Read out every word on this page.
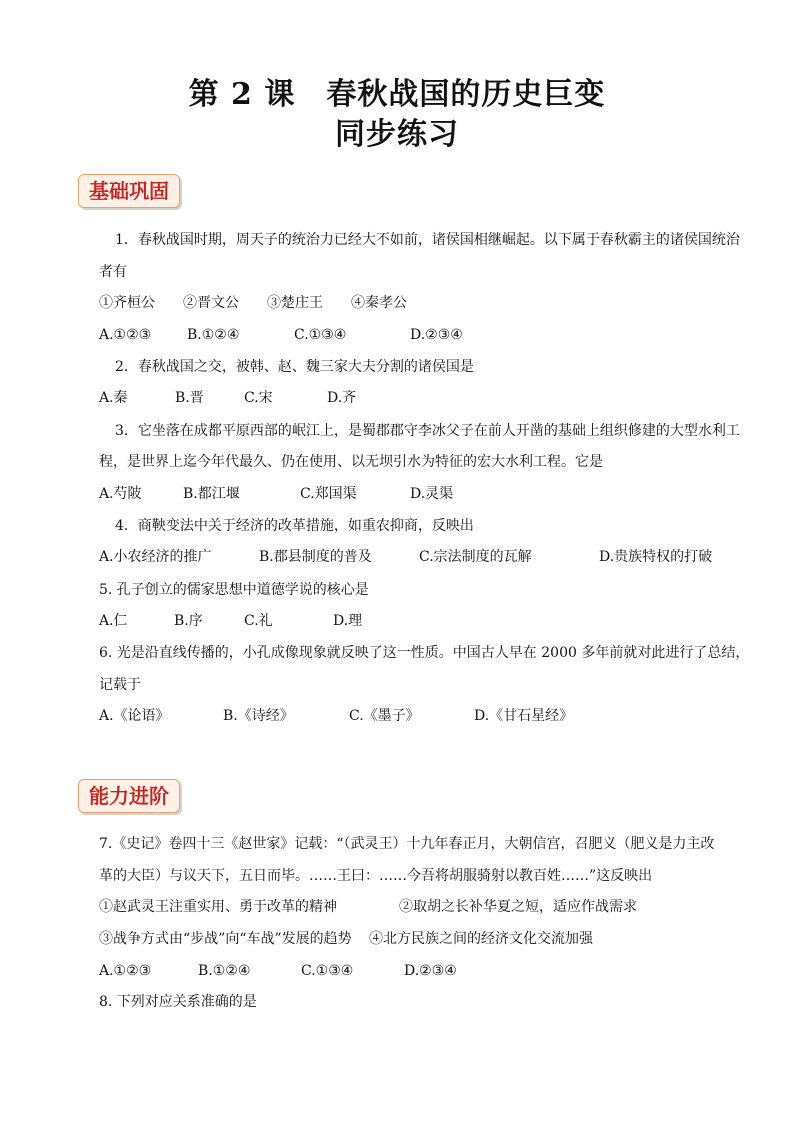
第 2 课　春秋战国的历史巨变
同步练习
基础巩固
1．春秋战国时期，周天子的统治力已经大不如前，诸侯国相继崛起。以下属于春秋霸主的诸侯国统治
者有
①齐桓公 ②晋文公 ③楚庄王 ④秦孝公
A.①②③	B.①②④	C.①③④	D.②③④
2．春秋战国之交，被韩、赵、魏三家大夫分割的诸侯国是
A.秦	B.晋	C.宋	D.齐
3．它坐落在成都平原西部的岷江上，是蜀郡郡守李冰父子在前人开凿的基础上组织修建的大型水利工
程，是世界上迄今年代最久、仍在使用、以无坝引水为特征的宏大水利工程。它是
A.芍陂	B.都江堰	C.郑国渠	D.灵渠
4．商鞅变法中关于经济的改革措施，如重农抑商，反映出
A.小农经济的推广	B.郡县制度的普及	C.宗法制度的瓦解	D.贵族特权的打破
5. 孔子创立的儒家思想中道德学说的核心是
A.仁	B.序	C.礼	D.理
6. 光是沿直线传播的，小孔成像现象就反映了这一性质。中国古人早在 2000 多年前就对此进行了总结，
记载于
A.《论语》	B.《诗经》	C.《墨子》	D.《甘石星经》
能力进阶
7.《史记》卷四十三《赵世家》记载：“（武灵王）十九年春正月，大朝信宫，召肥义（肥义是力主改
革的大臣）与议天下，五日而毕。……王曰：……今吾将胡服骑射以教百姓……”这反映出
①赵武灵王注重实用、勇于改革的精神	②取胡之长补华夏之短，适应作战需求
③战争方式由“步战”向“车战”发展的趋势 ④北方民族之间的经济文化交流加强
A.①②③	B.①②④	C.①③④	D.②③④
8. 下列对应关系准确的是
